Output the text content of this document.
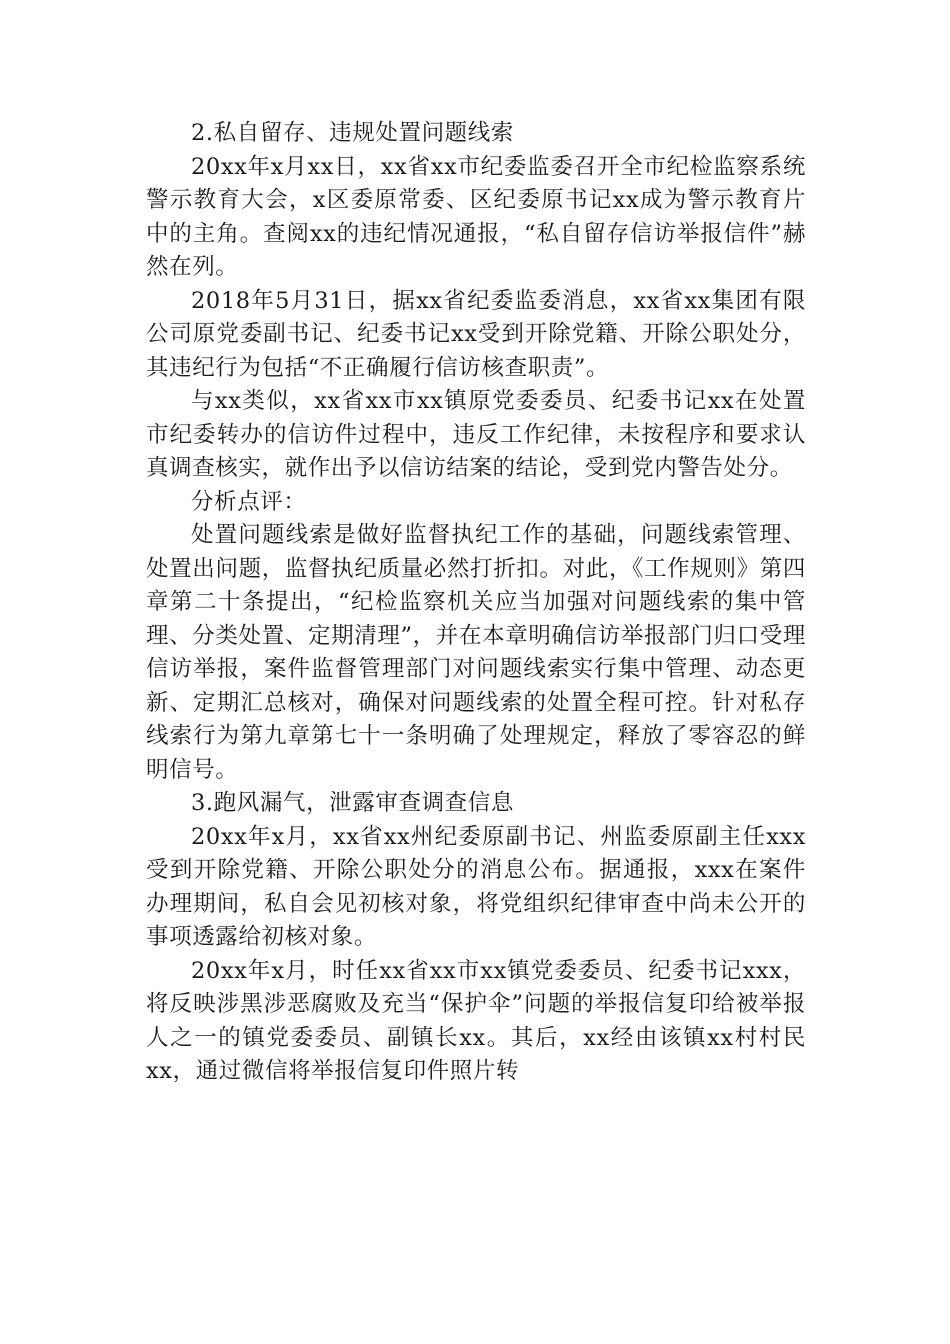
2.私自留存、违规处置问题线索

20xx年x月xx日，xx省xx市纪委监委召开全市纪检监察系统警示教育大会，x区委原常委、区纪委原书记xx成为警示教育片中的主角。查阅xx的违纪情况通报，“私自留存信访举报信件”赫然在列。

2018年5月31日，据xx省纪委监委消息，xx省xx集团有限公司原党委副书记、纪委书记xx受到开除党籍、开除公职处分，其违纪行为包括“不正确履行信访核查职责”。

与xx类似，xx省xx市xx镇原党委委员、纪委书记xx在处置市纪委转办的信访件过程中，违反工作纪律，未按程序和要求认真调查核实，就作出予以信访结案的结论，受到党内警告处分。

分析点评：

处置问题线索是做好监督执纪工作的基础，问题线索管理、处置出问题，监督执纪质量必然打折扣。对此，《工作规则》第四章第二十条提出，“纪检监察机关应当加强对问题线索的集中管理、分类处置、定期清理”，并在本章明确信访举报部门归口受理信访举报，案件监督管理部门对问题线索实行集中管理、动态更新、定期汇总核对，确保对问题线索的处置全程可控。针对私存线索行为第九章第七十一条明确了处理规定，释放了零容忍的鲜明信号。

3.跑风漏气，泄露审查调查信息

20xx年x月，xx省xx州纪委原副书记、州监委原副主任xxx受到开除党籍、开除公职处分的消息公布。据通报，xxx在案件办理期间，私自会见初核对象，将党组织纪律审查中尚未公开的事项透露给初核对象。

20xx年x月，时任xx省xx市xx镇党委委员、纪委书记xxx，将反映涉黑涉恶腐败及充当“保护伞”问题的举报信复印给被举报人之一的镇党委委员、副镇长xx。其后，xx经由该镇xx村村民xx，通过微信将举报信复印件照片转
